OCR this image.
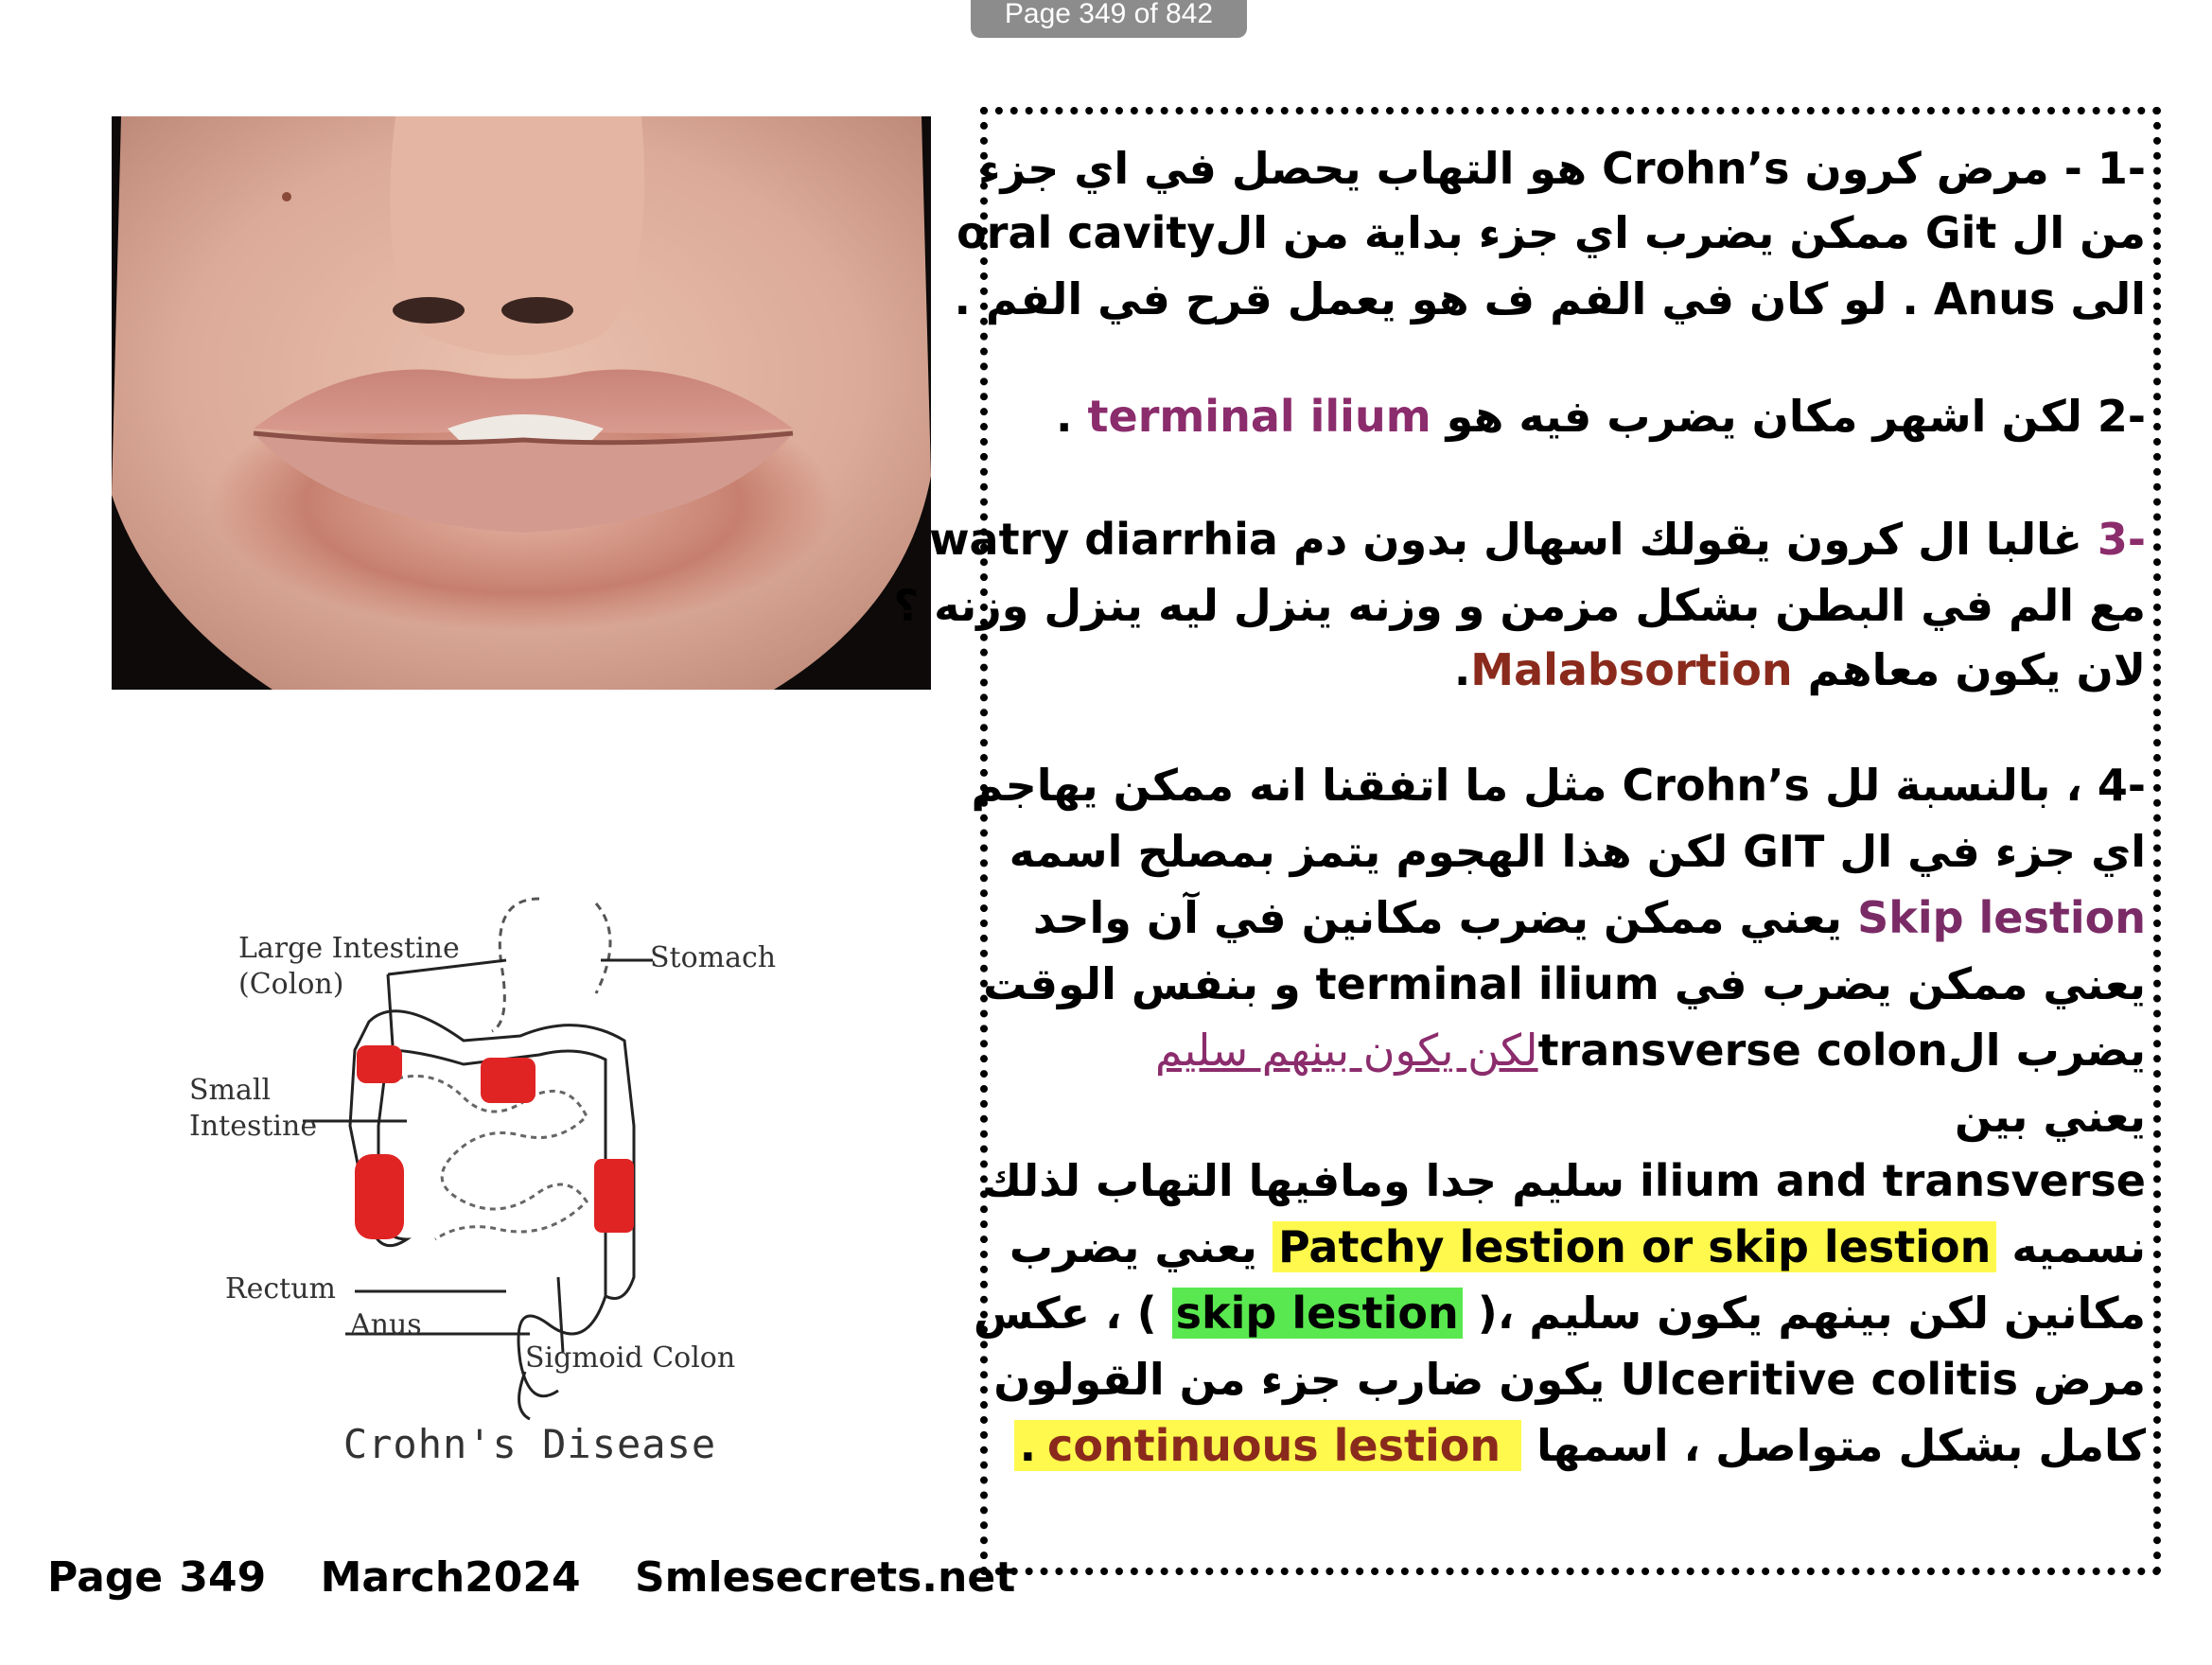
Page 349 of 842
Large Intestine
(Colon)
Stomach
Small
Intestine
Rectum
Anus
Sigmoid Colon
Crohn's Disease
Page 349 March2024 Smlesecrets.net
-1 - مرض كرون Crohn’s هو التهاب يحصل في اي جزء
من ال Git ممكن يضرب اي جزء بداية من الoral cavity
الى Anus . لو كان في الفم ف هو يعمل قرح في الفم .
-2 لكن اشهر مكان يضرب فيه هو terminal ilium .
-3 غالبا ال كرون يقولك اسهال بدون دم watry diarrhia
مع الم في البطن بشكل مزمن و وزنه ينزل ليه ينزل وزنه ؟
لان يكون معاهم Malabsortion.
-4 ، بالنسبة لل Crohn’s مثل ما اتفقنا انه ممكن يهاجم
اي جزء في ال GIT لكن هذا الهجوم يتمز بمصلح اسمه
Skip lestion يعني ممكن يضرب مكانين في آن واحد
يعني ممكن يضرب في terminal ilium و بنفس الوقت
يضرب الtransverse colonلكن يكون بينهم سليم
يعني بين
ilium and transverse سليم جدا ومافيها التهاب لذلك
نسميه Patchy lestion or skip lestion يعني يضرب
مكانين لكن بينهم يكون سليم ،( skip lestion ) ، عكس
مرض Ulceritive colitis يكون ضارب جزء من القولون
كامل بشكل متواصل ، اسمها continuous lestion .
